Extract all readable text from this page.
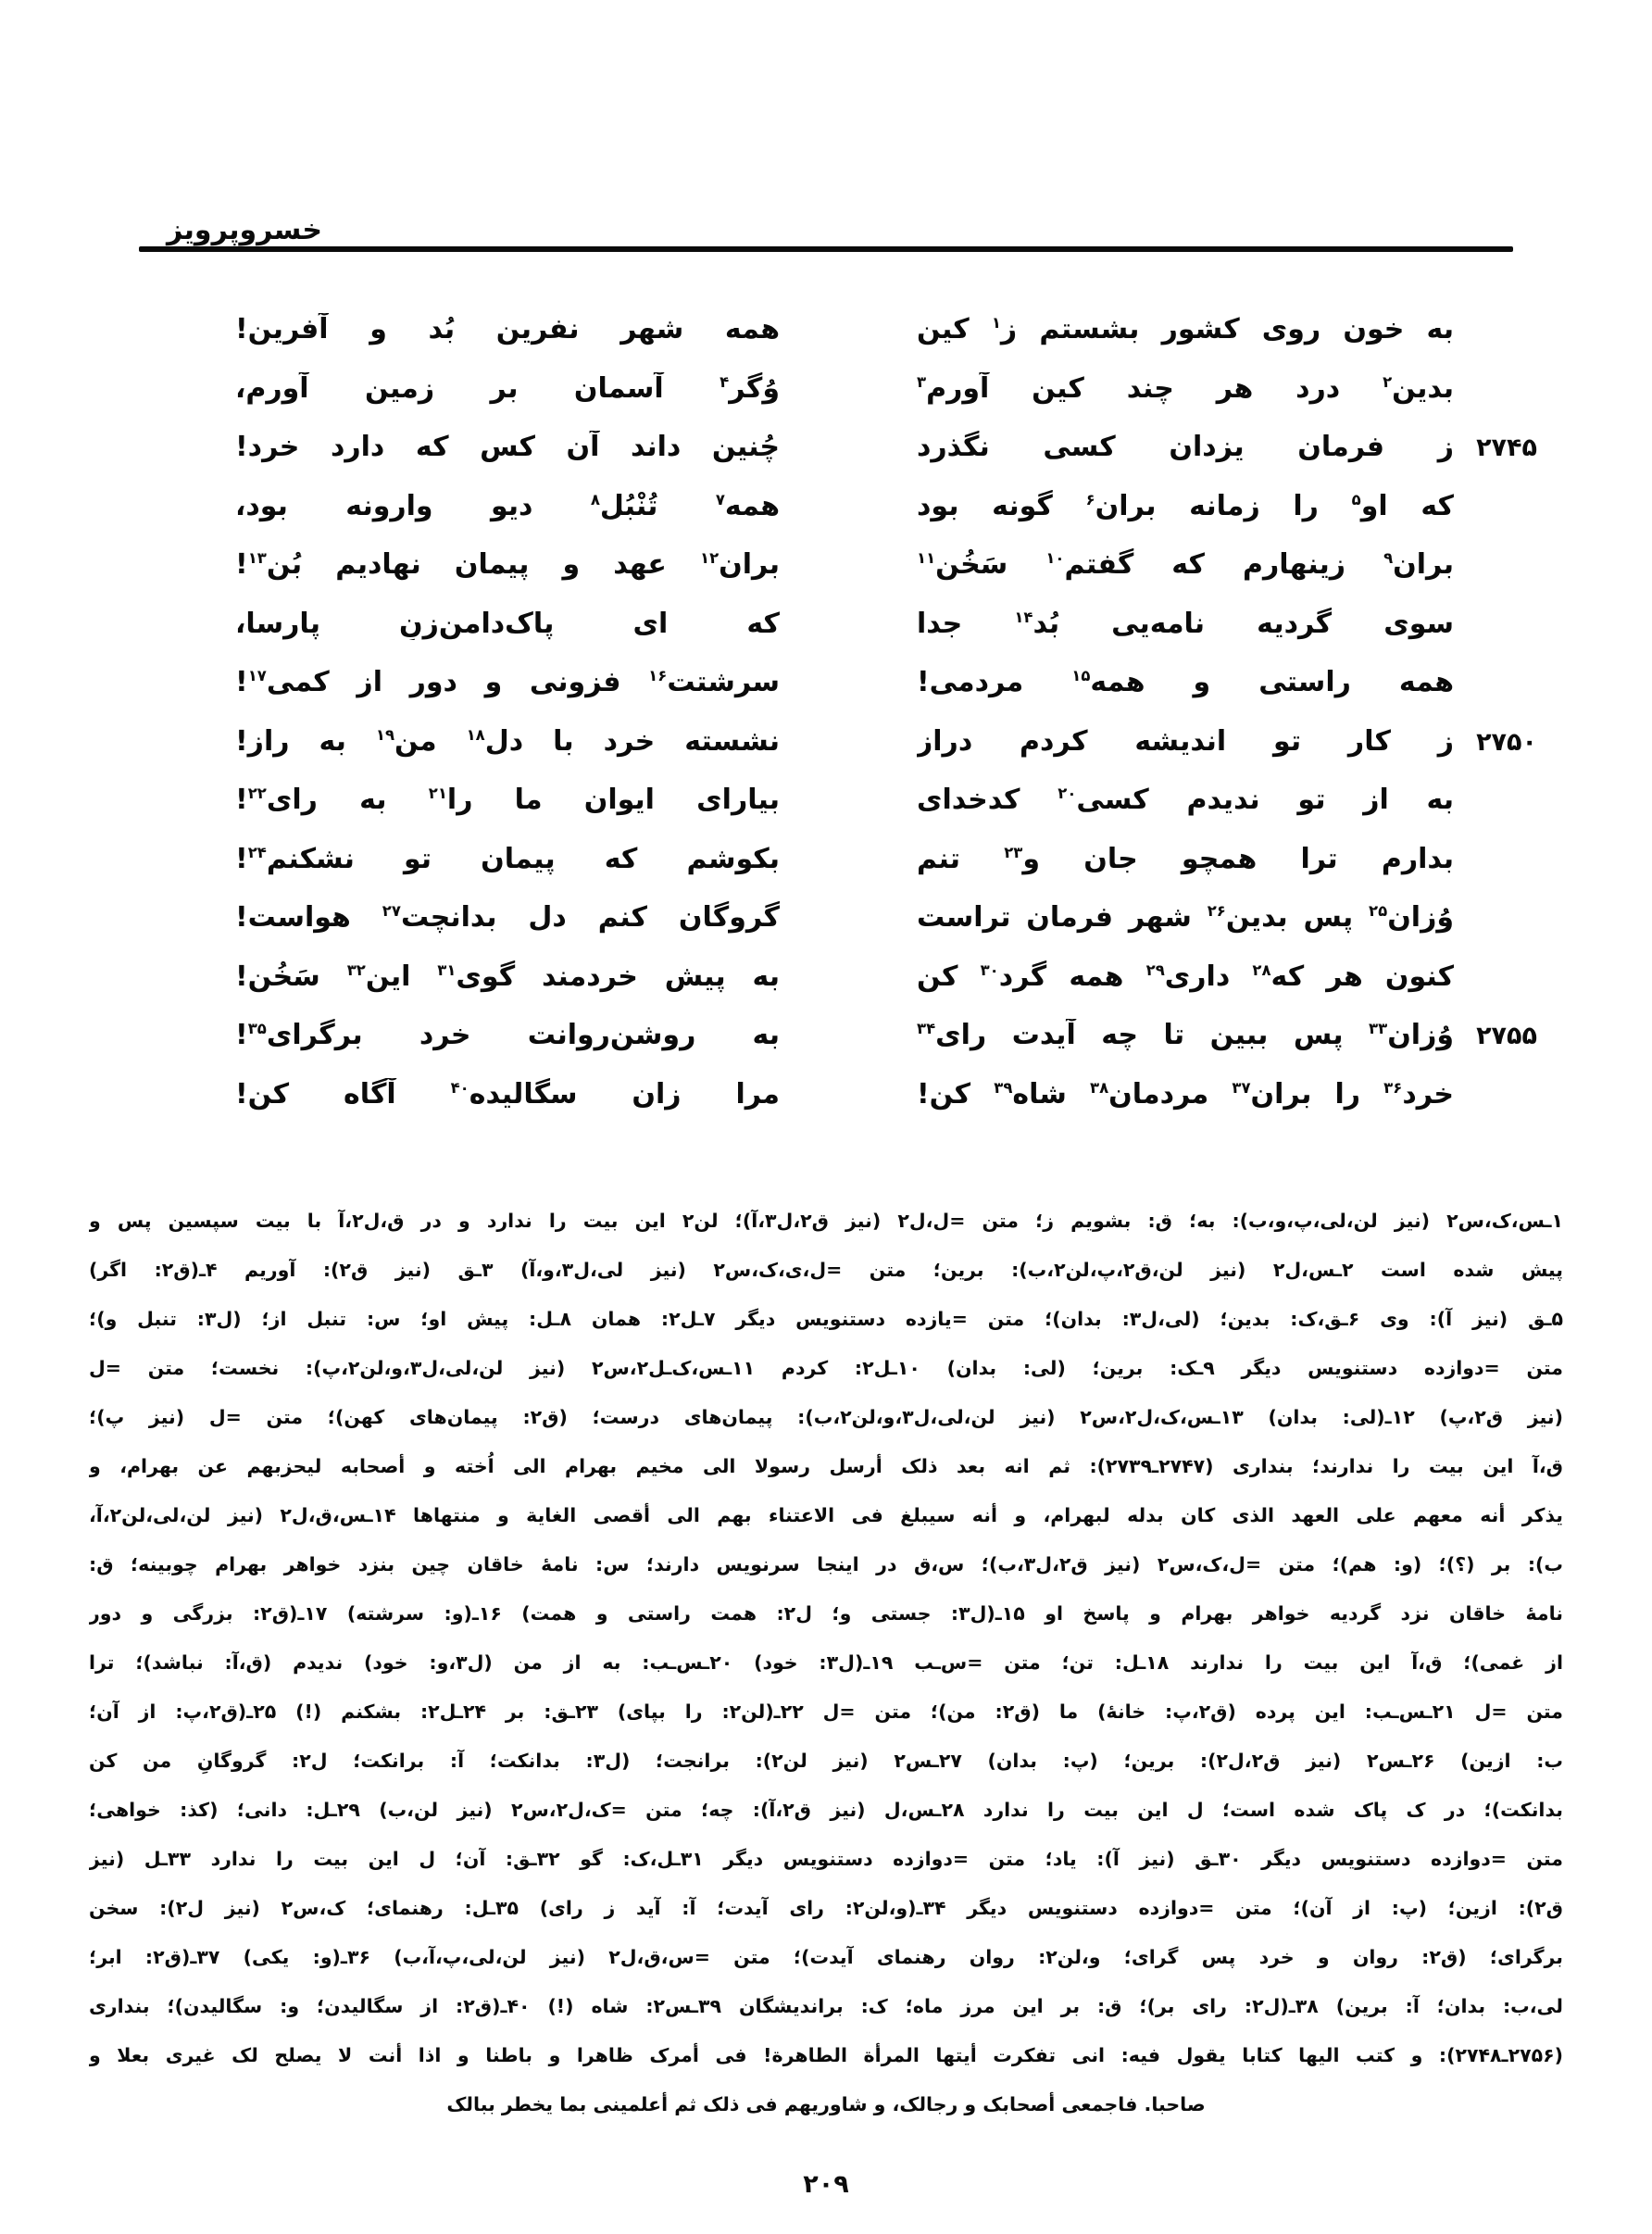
خسروپرویز
به خون روی کشور بشستم ز$^۱$ کین
همه شهر نفرین بُد و آفرین!
بدین$^۲$ درد هر چند کین آورم$^۳$
وُگر$^۴$ آسمان بر زمین آورم،
۲۷۴۵
ز فرمان یزدان کسی نگذرد
چُنین داند آن کس که دارد خرد!
که او$^۵$ را زمانه بران$^۶$ گونه بود
همه$^۷$ تُنْبُل$^۸$ دیوِ وارونه بود،
بران$^۹$ زینهارم که گفتم$^{۱۰}$ سَخُن$^{۱۱}$
بران$^{۱۲}$ عهد و پیمان نهادیم بُن$^{۱۳}$!
سوی گردیه نامه‌یی بُد$^{۱۴}$ جدا
که ای پاک‌دامن‌زنِ پارسا،
همه راستی و همه$^{۱۵}$ مردمی!
سرشتت$^{۱۶}$ فزونی و دور از کمی$^{۱۷}$!
۲۷۵۰
ز کار تو اندیشه کردم دراز
نشسته خرد با دل$^{۱۸}$ من$^{۱۹}$ به راز!
به از تو ندیدم کسی$^{۲۰}$ کدخدای
بیارای ایوان ما را$^{۲۱}$ به رای$^{۲۲}$!
بدارم ترا همچو جان و$^{۲۳}$ تنم
بکوشم که پیمان تو نشکنم$^{۲۴}$!
وُزان$^{۲۵}$ پس بدین$^{۲۶}$ شهر فرمان تراست
گروگان کنم دل بدانچت$^{۲۷}$ هواست!
کنون هر که$^{۲۸}$ داری$^{۲۹}$ همه گرد$^{۳۰}$ کن
به پیش خردمند گوی$^{۳۱}$ این$^{۳۲}$ سَخُن!
۲۷۵۵
وُزان$^{۳۳}$ پس ببین تا چه آیدت رای$^{۳۴}$
به روشن‌روانت خرد برگرای$^{۳۵}$!
خرد$^{۳۶}$ را بران$^{۳۷}$ مردمان$^{۳۸}$ شاه$^{۳۹}$ کن!
مرا زان سگالیده$^{۴۰}$ آگاه کن!
۱ـس،ک،س۲ (نیز لن،لی،پ،و،ب): به؛ ق: بشویم ز؛ متن =ل،ل۲ (نیز ق۲،ل۳،آ)؛ لن۲ این بیت را ندارد و در ق،ل۲،آ با بیت سپسین پس و
پیش شده است ۲ـس،ل۲ (نیز لن،ق۲،پ،لن۲،ب): برین؛ متن =ل،ی،ک،س۲ (نیز لی،ل۳،و،آ) ۳ـق (نیز ق۲): آوریم ۴ـ(ق۲: اگر)
۵ـق (نیز آ): وی ۶ـق،ک: بدین؛ (لی،ل۳: بدان)؛ متن =یازده دستنویس دیگر ۷ـل۲: همان ۸ـل: پیش او؛ س: تنبل از؛ (ل۳: تنبل و)؛
متن =دوازده دستنویس دیگر ۹ـک: برین؛ (لی: بدان) ۱۰ـل۲: کردم ۱۱ـس،ک‌ـل۲،س۲ (نیز لن،لی،ل۳،و،لن۲،پ): نخست؛ متن =ل
(نیز ق۲،پ) ۱۲ـ(لی: بدان) ۱۳ـس،ک،ل۲،س۲ (نیز لن،لی،ل۳،و،لن۲،ب): پیمان‌های درست؛ (ق۲: پیمان‌های کهن)؛ متن =ل (نیز پ)؛
ق،آ این بیت را ندارند؛ بنداری (۲۷۴۷ـ۲۷۳۹): ثم انه بعد ذلک أرسل رسولا الی مخیم بهرام الی اُخته و أصحابه لیحزبهم عن بهرام، و
یذکر أنه معهم علی العهد الذی کان بدله لبهرام، و أنه سیبلغ فی الاعتناء بهم الی أقصی الغایة و منتهاها ۱۴ـس،ق،ل۲ (نیز لن،لی،لن۲،آ،
ب): بر (؟)؛ (و: هم)؛ متن =ل،ک،س۲ (نیز ق۲،ل۳،ب)؛ س،ق در اینجا سرنویس دارند؛ س: نامهٔ خاقان چین بنزد خواهر بهرام چوبینه؛ ق:
نامهٔ خاقان نزد گردیه خواهر بهرام و پاسخ او ۱۵ـ(ل۳: جستی و؛ ل۲: همت راستی و همت) ۱۶ـ(و: سرشته) ۱۷ـ(ق۲: بزرگی و دور
از غمی)؛ ق،آ این بیت را ندارند ۱۸ـل: تن؛ متن =س‌ـب ۱۹ـ(ل۳: خود) ۲۰ـس‌ـب: به از من (ل۳،و: خود) ندیدم (ق،آ: نباشد)؛ ترا
متن =ل ۲۱ـس‌ـب: این پرده (ق۲،پ: خانهٔ) ما (ق۲: من)؛ متن =ل ۲۲ـ(لن۲: را بپای) ۲۳ـق: بر ۲۴ـل۲: بشکنم (!) ۲۵ـ(ق۲،پ: از آن؛
ب: ازین) ۲۶ـس۲ (نیز ق۲،ل۲): برین؛ (پ: بدان) ۲۷ـس۲ (نیز لن۲): برانجت؛ (ل۳: بدانکت؛ آ: برانکت؛ ل۲: گروگانِ من کن
بدانکت)؛ در ک پاک شده است؛ ل این بیت را ندارد ۲۸ـس،ل (نیز ق۲،آ): چه؛ متن =ک،ل۲،س۲ (نیز لن،ب) ۲۹ـل: دانی؛ (کذ: خواهی؛
متن =دوازده دستنویس دیگر ۳۰ـق (نیز آ): یاد؛ متن =دوازده دستنویس دیگر ۳۱ـل،ک: گو ۳۲ـق: آن؛ ل این بیت را ندارد ۳۳ـل (نیز
ق۲): ازین؛ (پ: از آن)؛ متن =دوازده دستنویس دیگر ۳۴ـ(و،لن۲: رای آیدت؛ آ: آید ز رای) ۳۵ـل: رهنمای؛ ک،س۲ (نیز ل۲): سخن
برگرای؛ (ق۲: روان و خرد پس گرای؛ و،لن۲: روان رهنمای آیدت)؛ متن =س،ق،ل۲ (نیز لن،لی،پ،آ،ب) ۳۶ـ(و: یکی) ۳۷ـ(ق۲: ابر؛
لی،ب: بدان؛ آ: برین) ۳۸ـ(ل۲: رای بر)؛ ق: بر این مرز ماه؛ ک: براندیشگان ۳۹ـس۲: شاه (!) ۴۰ـ(ق۲: از سگالیدن؛ و: سگالیدن)؛ بنداری
(۲۷۵۶ـ۲۷۴۸): و کتب الیها کتابا یقول فیه: انی تفکرت أیتها المرأة الطاهرة! فی أمرک ظاهرا و باطنا و اذا أنت لا یصلح لک غیری بعلا و
صاحبا. فاجمعی أصحابک و رجالک، و شاوریهم فی ذلک ثم أعلمینی بما یخطر ببالک
۲۰۹
